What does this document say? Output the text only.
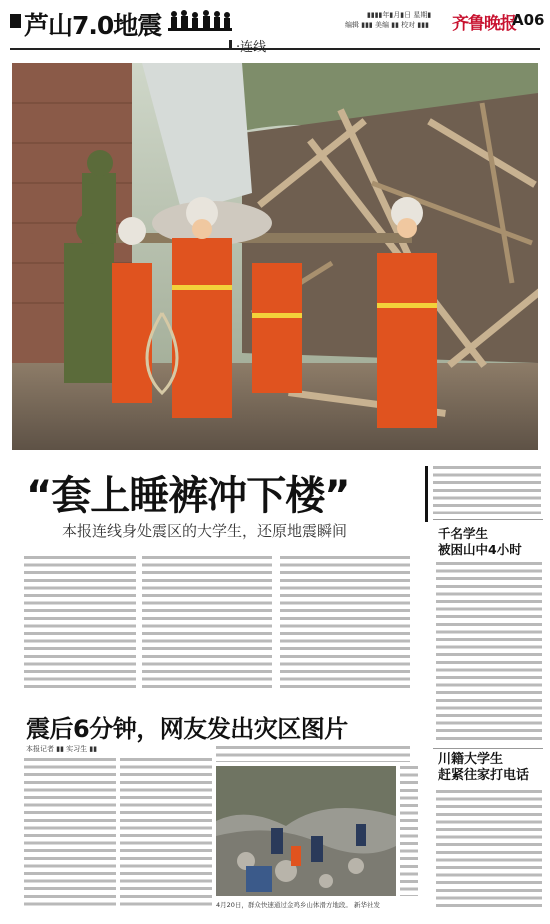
芦山7.0地震	▮▮▮▮年▮月▮日 星期▮
编辑 ▮▮▮ 美编 ▮▮ 校对 ▮▮▮ 齐鲁晚报
A06
“套上睡裤冲下楼”
本报连线身处震区的大学生，还原地震瞬间	千名学生
被困山中4小时
川籍大学生
赶紧往家打电话
震后6分钟，网友发出灾区图片
本报记者 ▮▮ 实习生 ▮▮
4月20日，群众快速通过金鸡乡山体滑方地段。 新华社发
